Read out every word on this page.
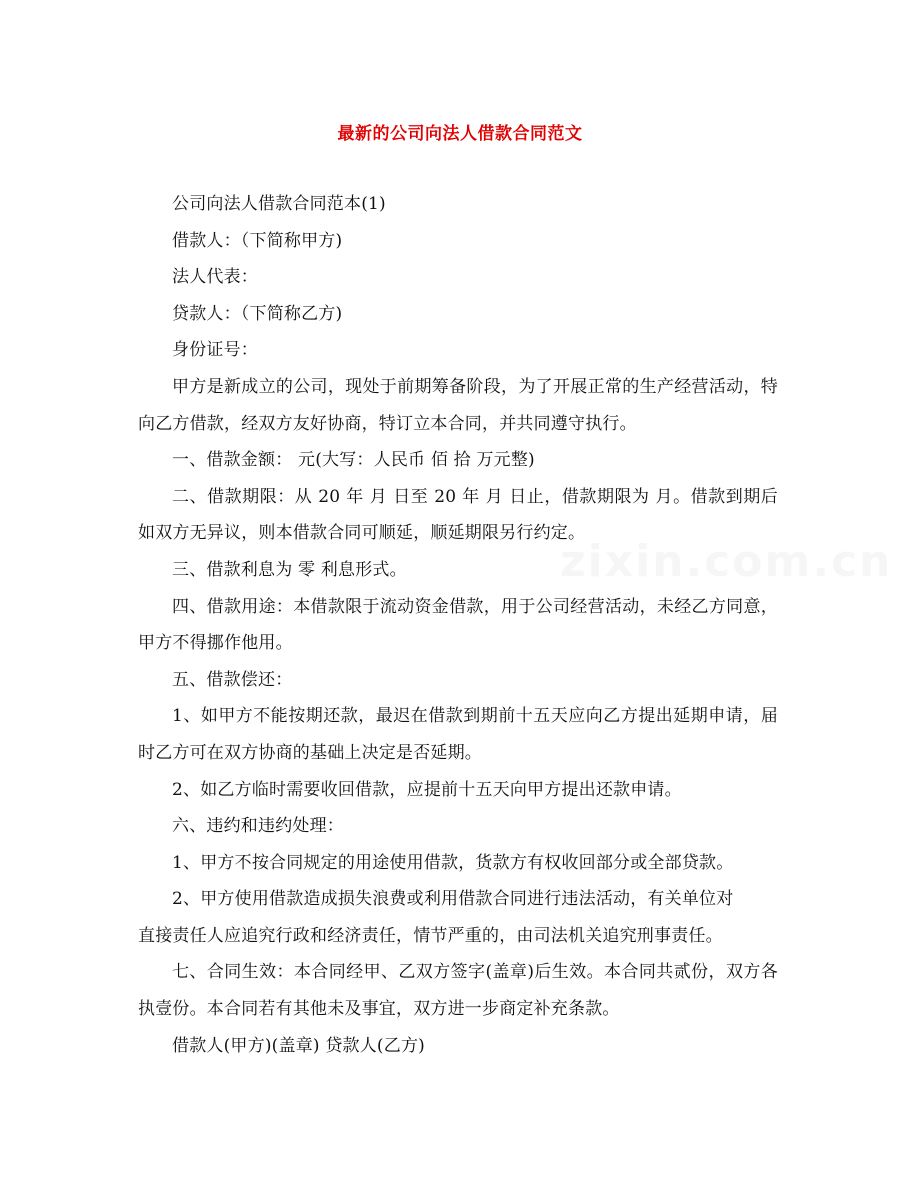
最新的公司向法人借款合同范文

公司向法人借款合同范本(1)

借款人：（下简称甲方)

法人代表：

贷款人：（下简称乙方)

身份证号：

甲方是新成立的公司，现处于前期筹备阶段，为了开展正常的生产经营活动，特向乙方借款，经双方友好协商，特订立本合同，并共同遵守执行。

一、借款金额： 元(大写：人民币 佰 拾 万元整)

二、借款期限：从 20 年 月 日至 20 年 月 日止，借款期限为 月。借款到期后如双方无异议，则本借款合同可顺延，顺延期限另行约定。

三、借款利息为 零 利息形式。

四、借款用途：本借款限于流动资金借款，用于公司经营活动，未经乙方同意，甲方不得挪作他用。

五、借款偿还：

1、如甲方不能按期还款，最迟在借款到期前十五天应向乙方提出延期申请，届时乙方可在双方协商的基础上决定是否延期。

2、如乙方临时需要收回借款，应提前十五天向甲方提出还款申请。

六、违约和违约处理：

1、甲方不按合同规定的用途使用借款，货款方有权收回部分或全部贷款。

2、甲方使用借款造成损失浪费或利用借款合同进行违法活动，有关单位对

直接责任人应追究行政和经济责任，情节严重的，由司法机关追究刑事责任。

七、合同生效：本合同经甲、乙双方签字(盖章)后生效。本合同共贰份，双方各执壹份。本合同若有其他未及事宜，双方进一步商定补充条款。

借款人(甲方)(盖章) 贷款人(乙方)
